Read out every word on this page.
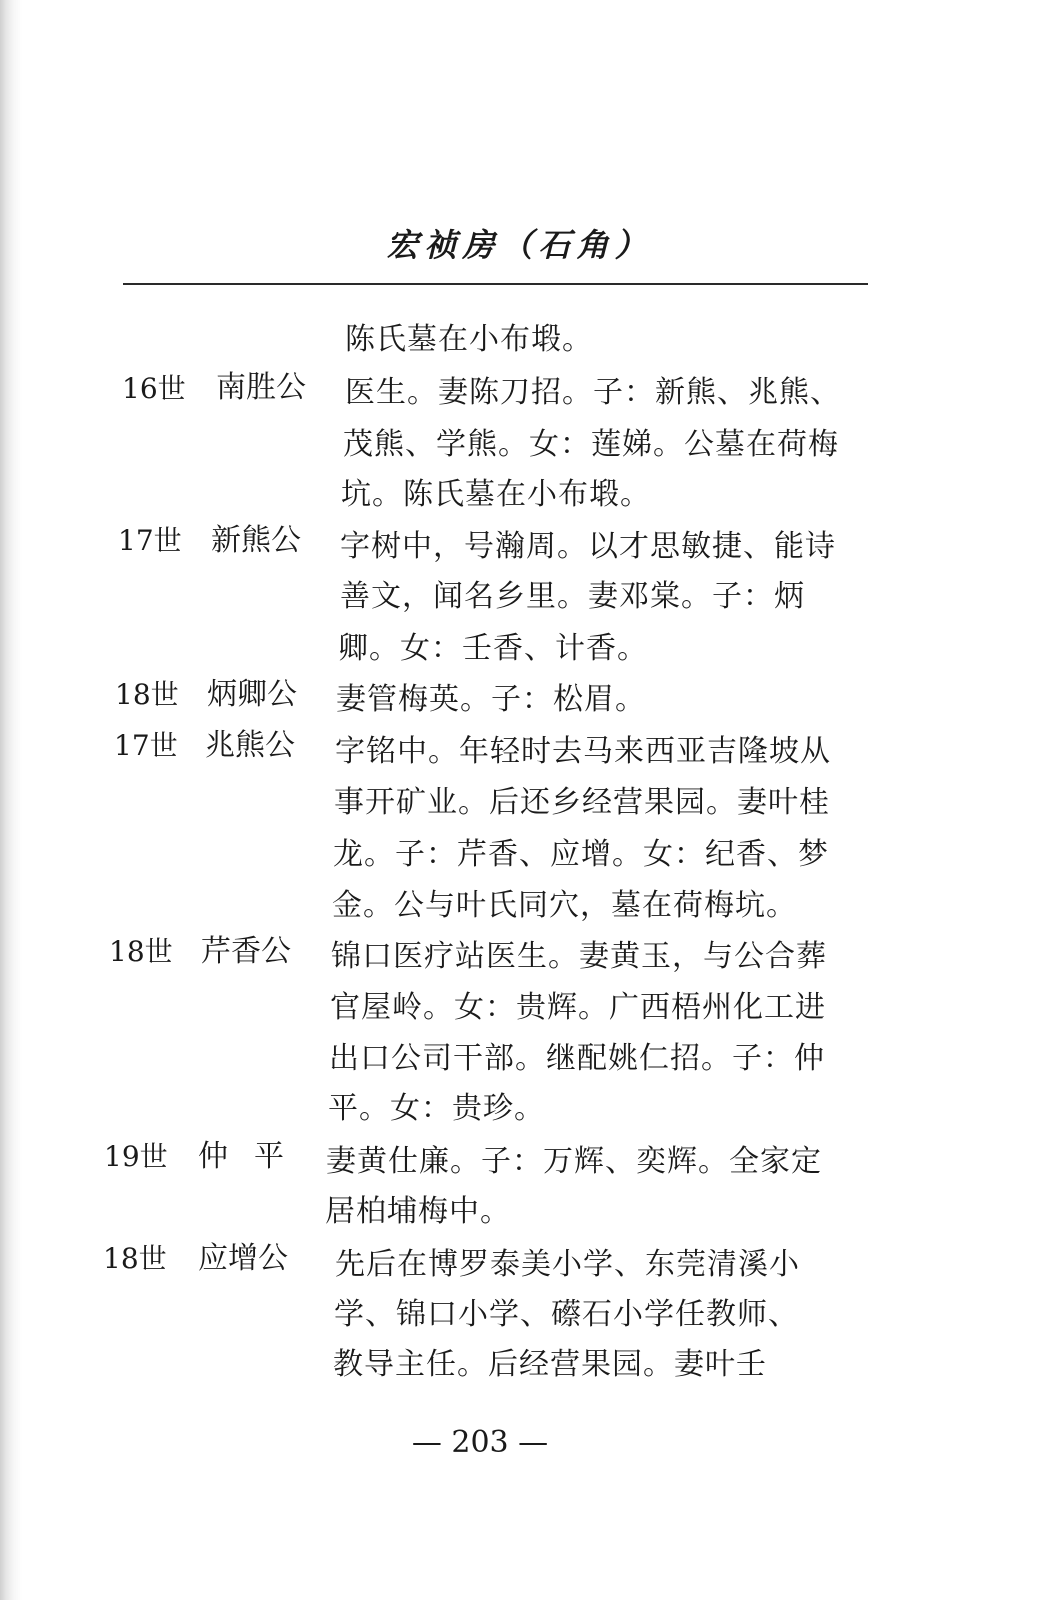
宏祯房（石角）
陈氏墓在小布塅。
16世 南胜公 医生。妻陈刀招。子：新熊、兆熊、
茂熊、学熊。女：莲娣。公墓在荷梅
坑。陈氏墓在小布塅。
17世 新熊公 字树中，号瀚周。以才思敏捷、能诗
善文，闻名乡里。妻邓棠。子：炳
卿。女：壬香、计香。
18世 炳卿公 妻管梅英。子：松眉。
17世 兆熊公 字铭中。年轻时去马来西亚吉隆坡从
事开矿业。后还乡经营果园。妻叶桂
龙。子：芹香、应增。女：纪香、梦
金。公与叶氏同穴，墓在荷梅坑。
18世 芹香公 锦口医疗站医生。妻黄玉，与公合葬
官屋岭。女：贵辉。广西梧州化工进
出口公司干部。继配姚仁招。子：仲
平。女：贵珍。
19世 仲平 妻黄仕廉。子：万辉、奕辉。全家定
居柏埔梅中。
18世 应增公 先后在博罗泰美小学、东莞清溪小
学、锦口小学、礤石小学任教师、
教导主任。后经营果园。妻叶壬
— 203 —
